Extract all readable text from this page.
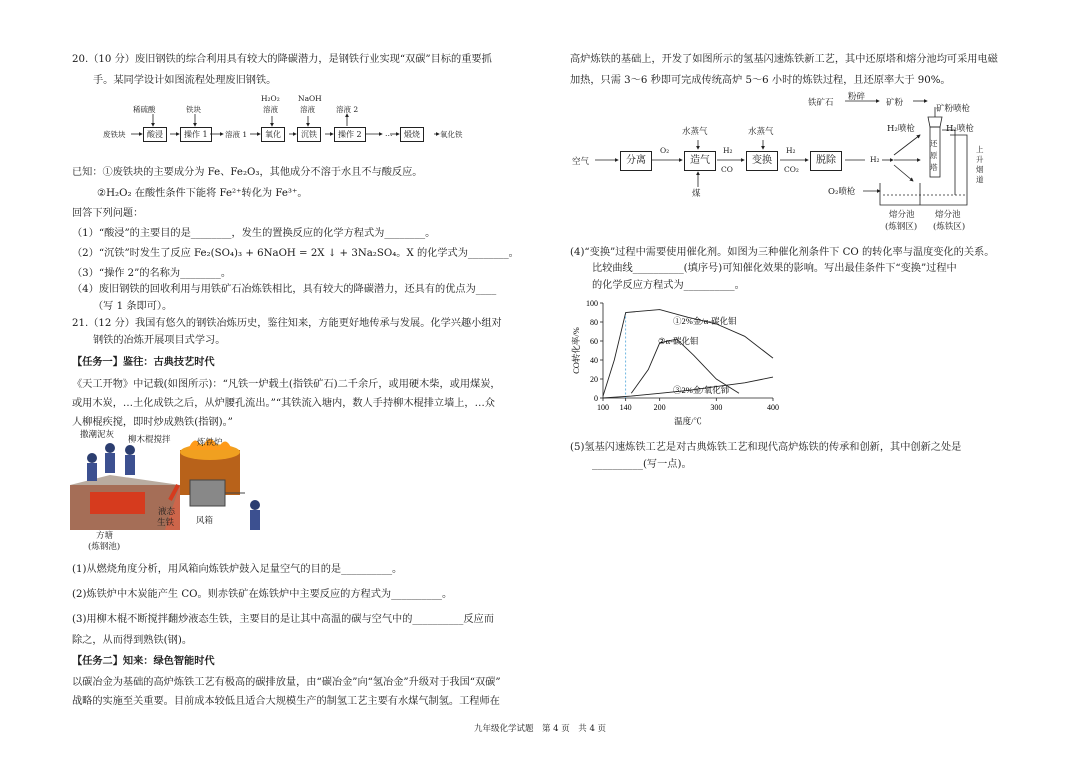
20.（10 分）废旧钢铁的综合利用具有较大的降碳潜力，是钢铁行业实现“双碳”目标的重要抓
手。某同学设计如图流程处理废旧钢铁。
稀硫酸	铁块
H₂O₂
溶液
NaOH
溶液	溶液 2
废铁块	酸浸	操作 1	溶液 1	氧化	沉铁	操作 2	…	煅烧	氧化铁
已知：①废铁块的主要成分为 Fe、Fe₂O₃，其他成分不溶于水且不与酸反应。
②H₂O₂ 在酸性条件下能将 Fe²⁺转化为 Fe³⁺。
回答下列问题：
（1）“酸浸”的主要目的是________，发生的置换反应的化学方程式为________。
（2）“沉铁”时发生了反应 Fe₂(SO₄)₃ + 6NaOH = 2X ↓ + 3Na₂SO₄。X 的化学式为________。
（3）“操作 2”的名称为________。
（4）废旧钢铁的回收利用与用铁矿石冶炼铁相比，具有较大的降碳潜力，还具有的优点为____
（写 1 条即可）。
21.（12 分）我国有悠久的钢铁冶炼历史，鉴往知来，方能更好地传承与发展。化学兴趣小组对
钢铁的冶炼开展项目式学习。
【任务一】鉴往：古典技艺时代
《天工开物》中记载(如图所示)：“凡铁一炉载土(指铁矿石)二千余斤，或用硬木柴，或用煤炭，
或用木炭，…土化成铁之后，从炉腰孔流出。”“其铁流入塘内，数人手持柳木棍排立墙上，…众
人柳棍疾搅，即时炒成熟铁(指钢)。”
撒潮泥灰 柳木棍搅拌	炼铁炉
液态
生铁	风箱
方塘
(炼钢池)
(1)从燃烧角度分析，用风箱向炼铁炉鼓入足量空气的目的是__________。
(2)炼铁炉中木炭能产生 CO。则赤铁矿在炼铁炉中主要反应的方程式为__________。
(3)用柳木棍不断搅拌翻炒液态生铁，主要目的是让其中高温的碳与空气中的__________反应而
除之，从而得到熟铁(钢)。
【任务二】知来：绿色智能时代
以碳冶金为基础的高炉炼铁工艺有极高的碳排放量，由“碳冶金”向“氢冶金”升级对于我国“双碳”
战略的实施至关重要。目前成本较低且适合大规模生产的制氢工艺主要有水煤气制氢。工程师在
高炉炼铁的基础上，开发了如图所示的氢基闪速炼铁新工艺，其中还原塔和熔分池均可采用电磁
加热，只需 3～6 秒即可完成传统高炉 5～6 小时的炼铁过程，且还原率大于 90%。
铁矿石
粉碎
矿粉
矿粉喷枪
水蒸气	水蒸气	H₂喷枪	H₂喷枪
空气	分离	造气	变换	脱除
O₂	H₂
CO
H₂
CO₂
H₂
煤
还
原
塔
上
升
烟
道
O₂喷枪
熔分池 熔分池
(炼钢区) (炼铁区)
(4)“变换”过程中需要使用催化剂。如图为三种催化剂条件下 CO 的转化率与温度变化的关系。
比较曲线__________(填序号)可知催化效果的影响。写出最佳条件下“变换”过程中
的化学反应方程式为__________。
0
20
40
60
80
100
100 140	200	300	400
①2%金/α-碳化钼
②α-碳化钼
③2%金/氧化铈
温度/℃
CO转化率/%
(5)氢基闪速炼铁工艺是对古典炼铁工艺和现代高炉炼铁的传承和创新，其中创新之处是
__________(写一点)。
九年级化学试题　第 4 页　共 4 页
